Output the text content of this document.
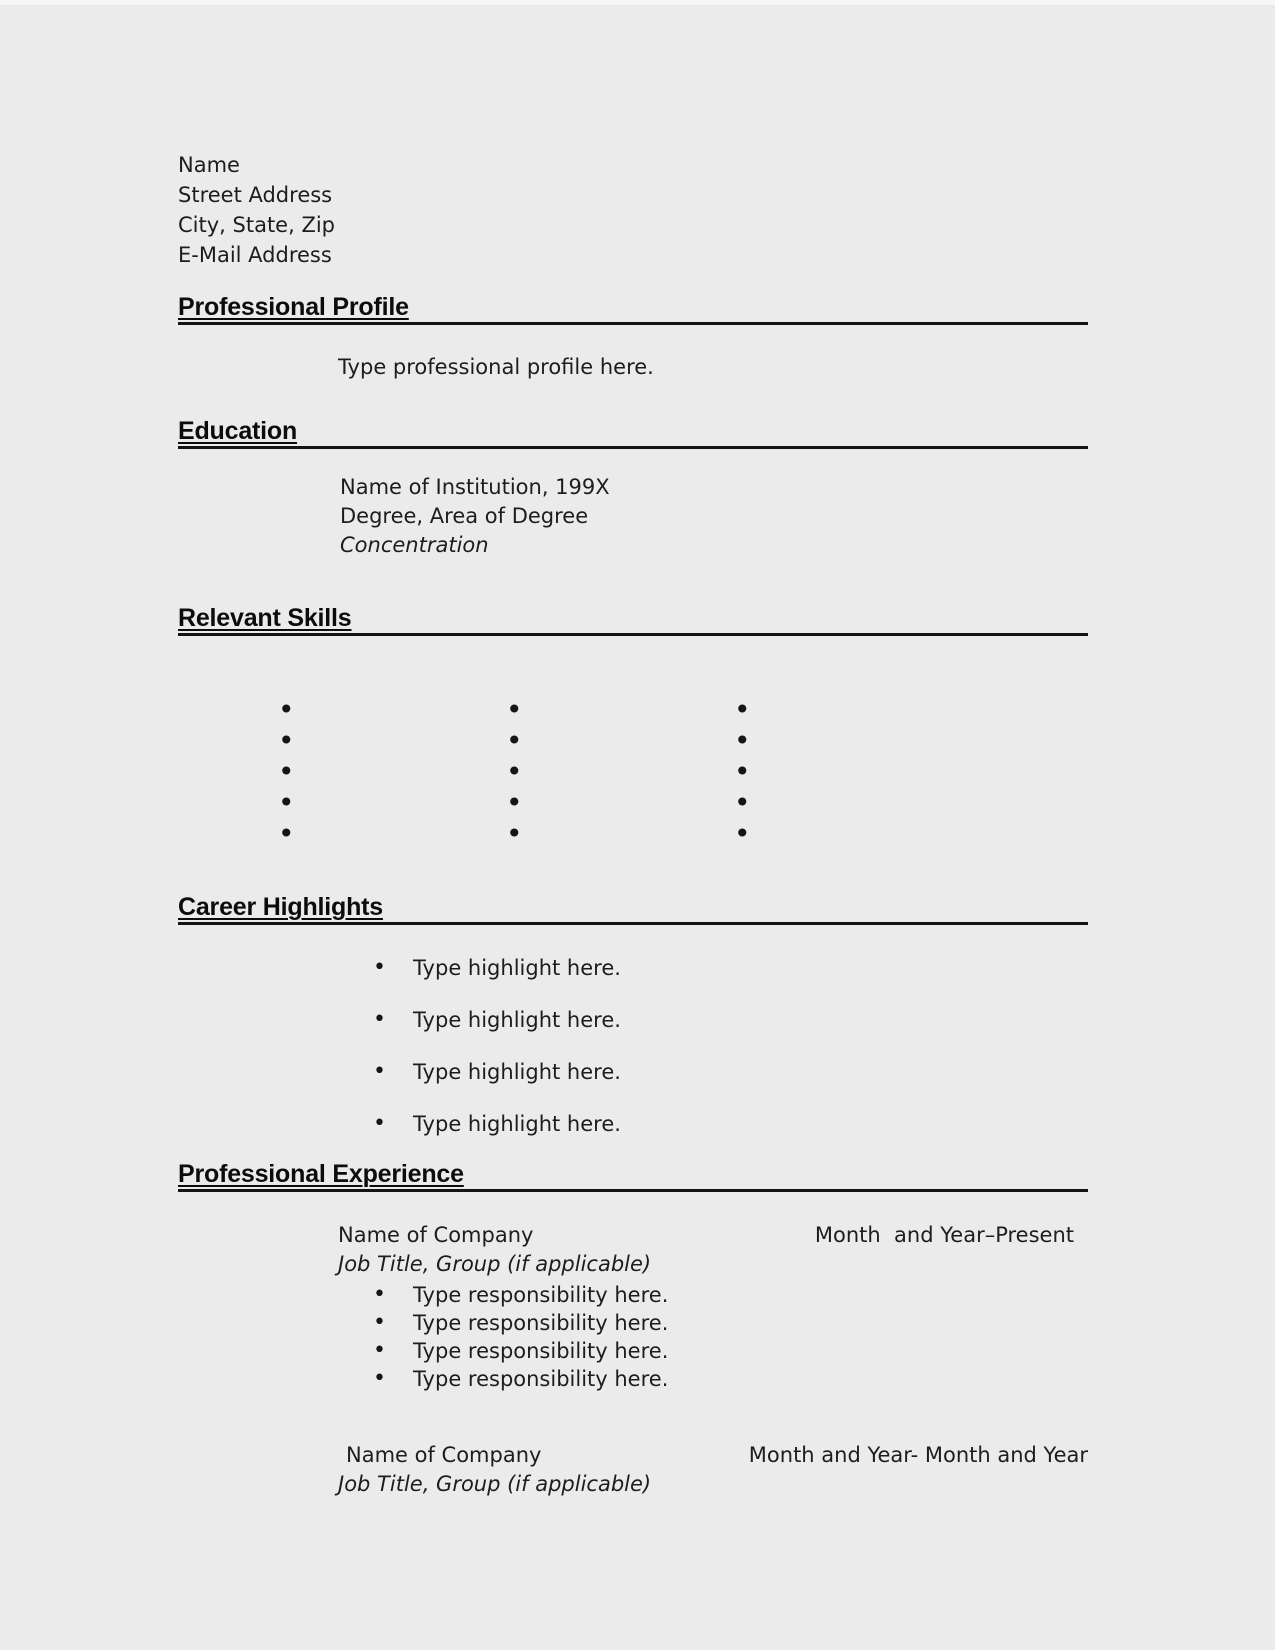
Name
Street Address
City, State, Zip
E-Mail Address
Professional Profile
Type professional profile here.
Education
Name of Institution, 199X
Degree, Area of Degree
Concentration
Relevant Skills
•	•	•
•	•	•
•	•	•
•	•	•
•	•	•
Career Highlights
•	Type highlight here.
•	Type highlight here.
•	Type highlight here.
•	Type highlight here.
Professional Experience
Name of Company	Month  and Year–Present
Job Title, Group (if applicable)
•	Type responsibility here.
•	Type responsibility here.
•	Type responsibility here.
•	Type responsibility here.
Name of Company	Month and Year- Month and Year
Job Title, Group (if applicable)
